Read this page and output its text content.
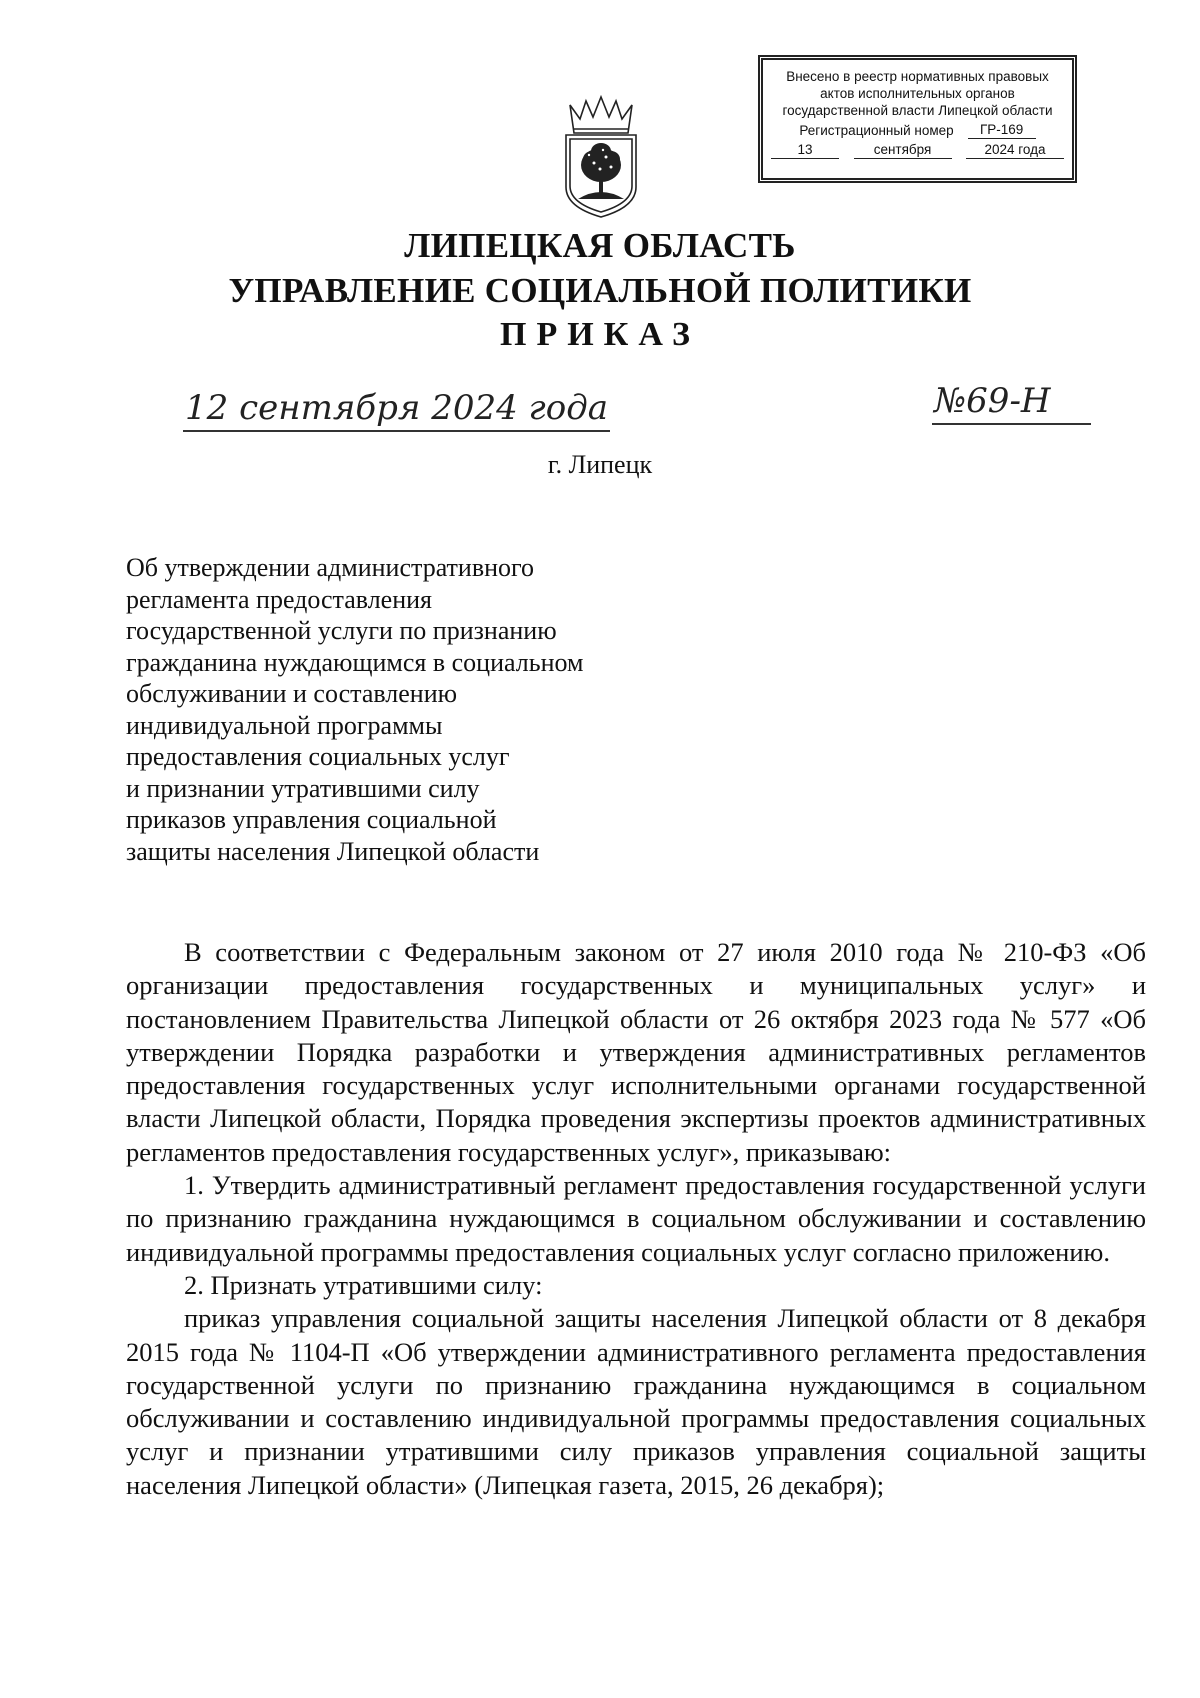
Внесено в реестр нормативных правовых
актов исполнительных органов
государственной власти Липецкой области
Регистрационный номер	ГР-169
13	сентября	2024 года
ЛИПЕЦКАЯ ОБЛАСТЬ
УПРАВЛЕНИЕ СОЦИАЛЬНОЙ ПОЛИТИКИ
ПРИКАЗ
12 сентября 2024 года	№69-Н
г. Липецк
Об утверждении административного
регламента предоставления
государственной услуги по признанию
гражданина нуждающимся в социальном
обслуживании и составлению
индивидуальной программы
предоставления социальных услуг
и признании утратившими силу
приказов управления социальной
защиты населения Липецкой области

В соответствии с Федеральным законом от 27 июля 2010 года № 210-ФЗ «Об организации предоставления государственных и муниципальных услуг» и постановлением Правительства Липецкой области от 26 октября 2023 года № 577 «Об утверждении Порядка разработки и утверждения административных регламентов предоставления государственных услуг исполнительными органами государственной власти Липецкой области, Порядка проведения экспертизы проектов административных регламентов предоставления государственных услуг», приказываю:

1. Утвердить административный регламент предоставления государственной услуги по признанию гражданина нуждающимся в социальном обслуживании и составлению индивидуальной программы предоставления социальных услуг согласно приложению.

2. Признать утратившими силу:

приказ управления социальной защиты населения Липецкой области от 8 декабря 2015 года № 1104-П «Об утверждении административного регламента предоставления государственной услуги по признанию гражданина нуждающимся в социальном обслуживании и составлению индивидуальной программы предоставления социальных услуг и признании утратившими силу приказов управления социальной защиты населения Липецкой области» (Липецкая газета, 2015, 26 декабря);
